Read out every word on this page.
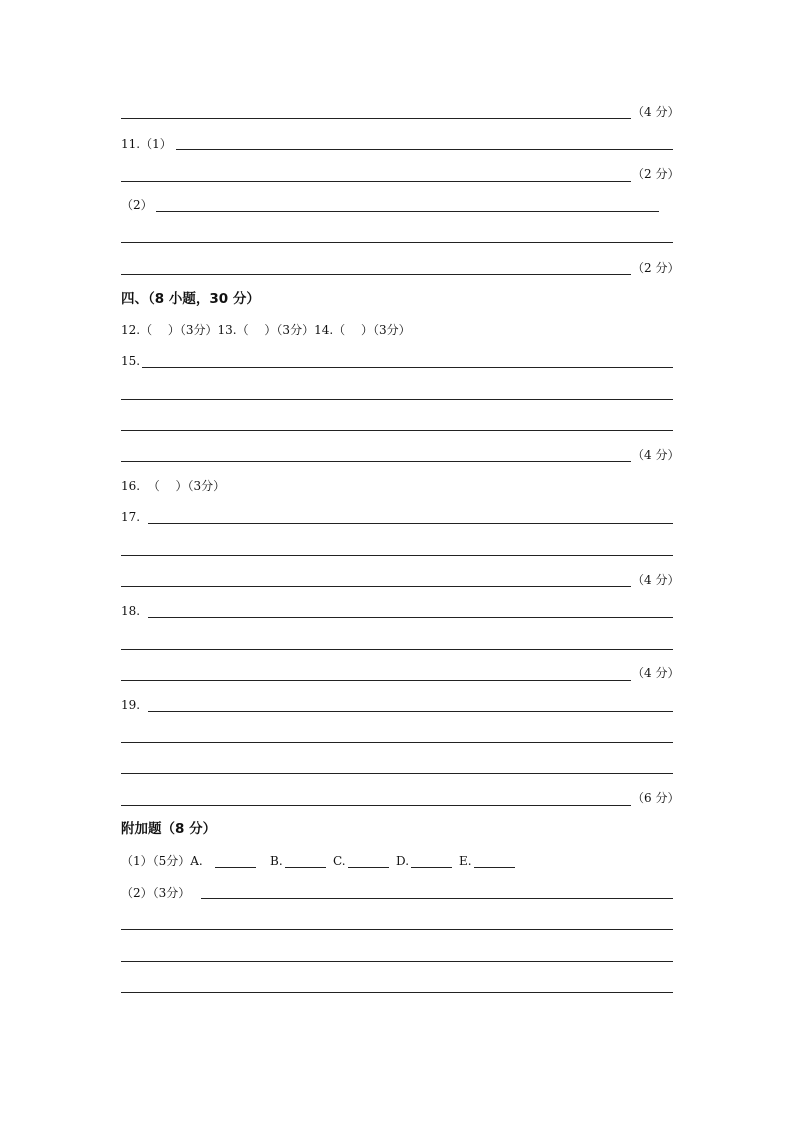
（4 分）
11.（1）
（2 分）
（2）
（2 分）
四、（8 小题，30 分）
12.（　 ）（3分）13.（　 ）（3分）14.（　 ）（3分）
15.
（4 分）
16.  （　 ）（3分）
17.
（4 分）
18.
（4 分）
19.
（6 分）
附加题（8 分）
（1）（5分）A.	B.	C.	D.	E.
（2）（3分）
